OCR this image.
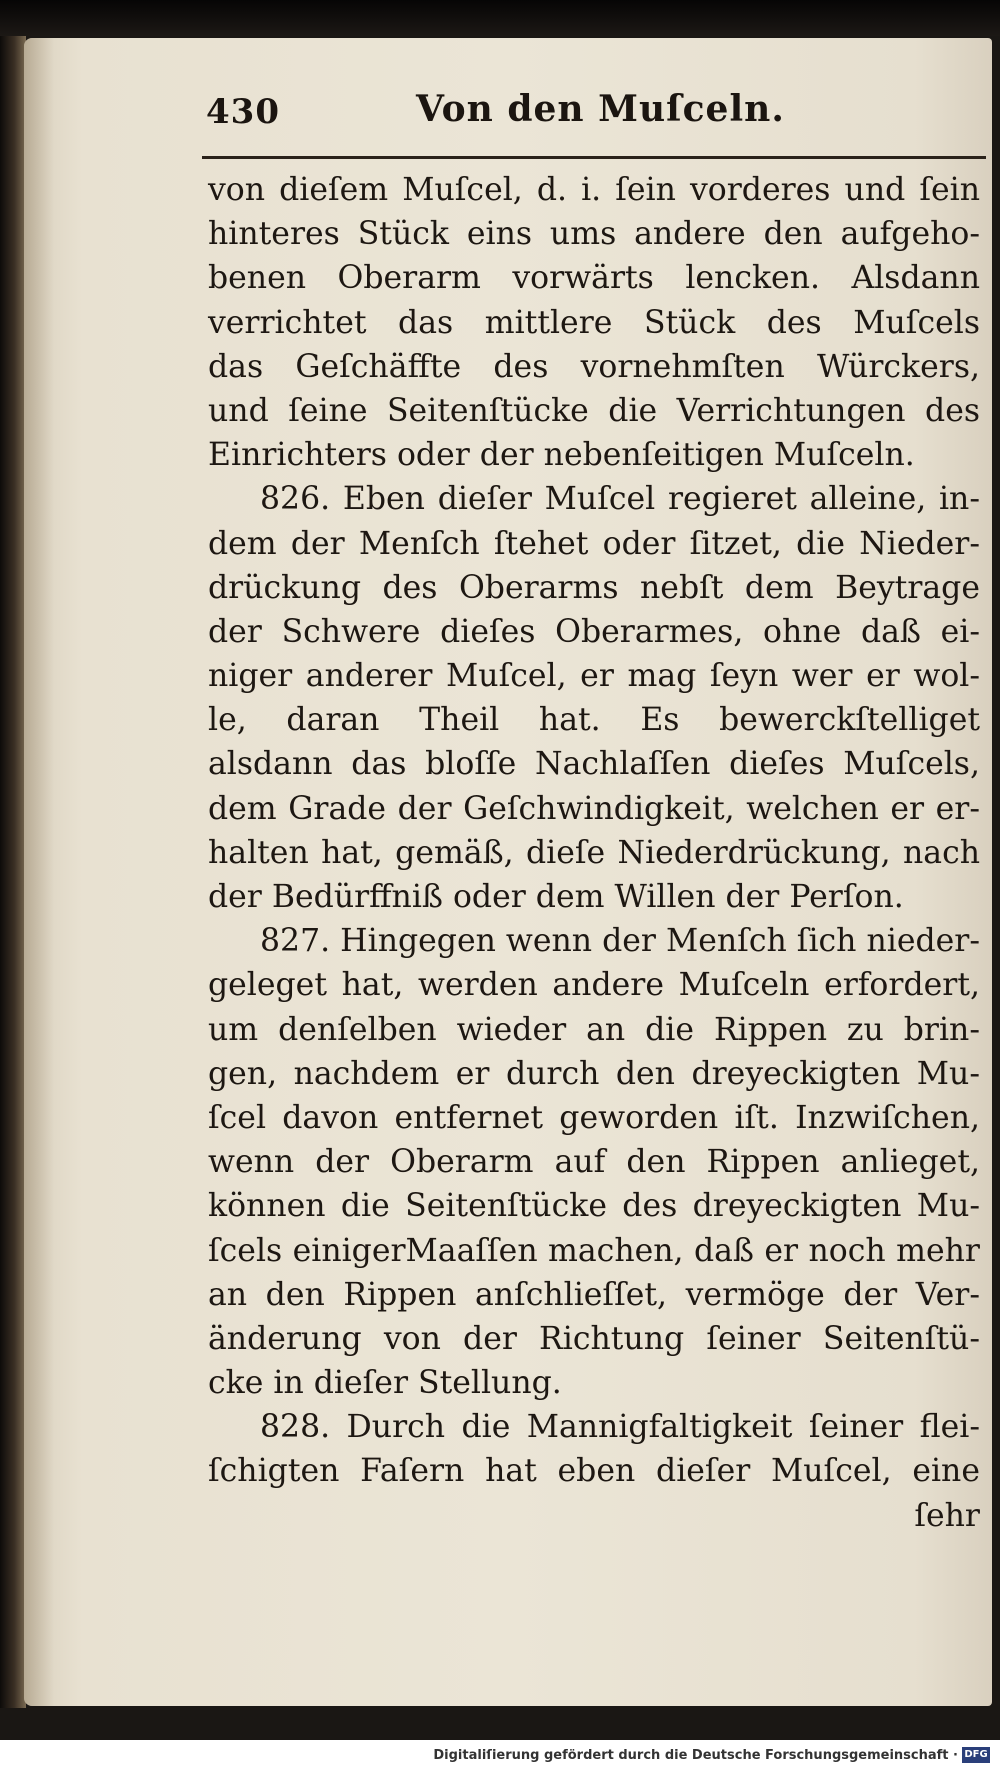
430	Von den Muſceln.
von dieſem Muſcel, d. i. ſein vorderes und ſein
hinteres Stück eins ums andere den aufgeho-
benen Oberarm vorwärts lencken. Alsdann
verrichtet das mittlere Stück des Muſcels
das Geſchäffte des vornehmſten Würckers,
und ſeine Seitenſtücke die Verrichtungen des
Einrichters oder der nebenſeitigen Muſceln.
826. Eben dieſer Muſcel regieret alleine, in-
dem der Menſch ſtehet oder ſitzet, die Nieder-
drückung des Oberarms nebſt dem Beytrage
der Schwere dieſes Oberarmes, ohne daß ei-
niger anderer Muſcel, er mag ſeyn wer er wol-
le, daran Theil hat. Es bewerckſtelliget
alsdann das bloſſe Nachlaſſen dieſes Muſcels,
dem Grade der Geſchwindigkeit, welchen er er-
halten hat, gemäß, dieſe Niederdrückung, nach
der Bedürffniß oder dem Willen der Perſon.
827. Hingegen wenn der Menſch ſich nieder-
geleget hat, werden andere Muſceln erfordert,
um denſelben wieder an die Rippen zu brin-
gen, nachdem er durch den dreyeckigten Mu-
ſcel davon entfernet geworden iſt. Inzwiſchen,
wenn der Oberarm auf den Rippen anlieget,
können die Seitenſtücke des dreyeckigten Mu-
ſcels einigerMaaſſen machen, daß er noch mehr
an den Rippen anſchlieſſet, vermöge der Ver-
änderung von der Richtung ſeiner Seitenſtü-
cke in dieſer Stellung.
828. Durch die Mannigfaltigkeit ſeiner flei-
ſchigten Faſern hat eben dieſer Muſcel, eine
ſehr
Digitaliſierung gefördert durch die Deutsche Forschungsgemeinschaft · DFG
